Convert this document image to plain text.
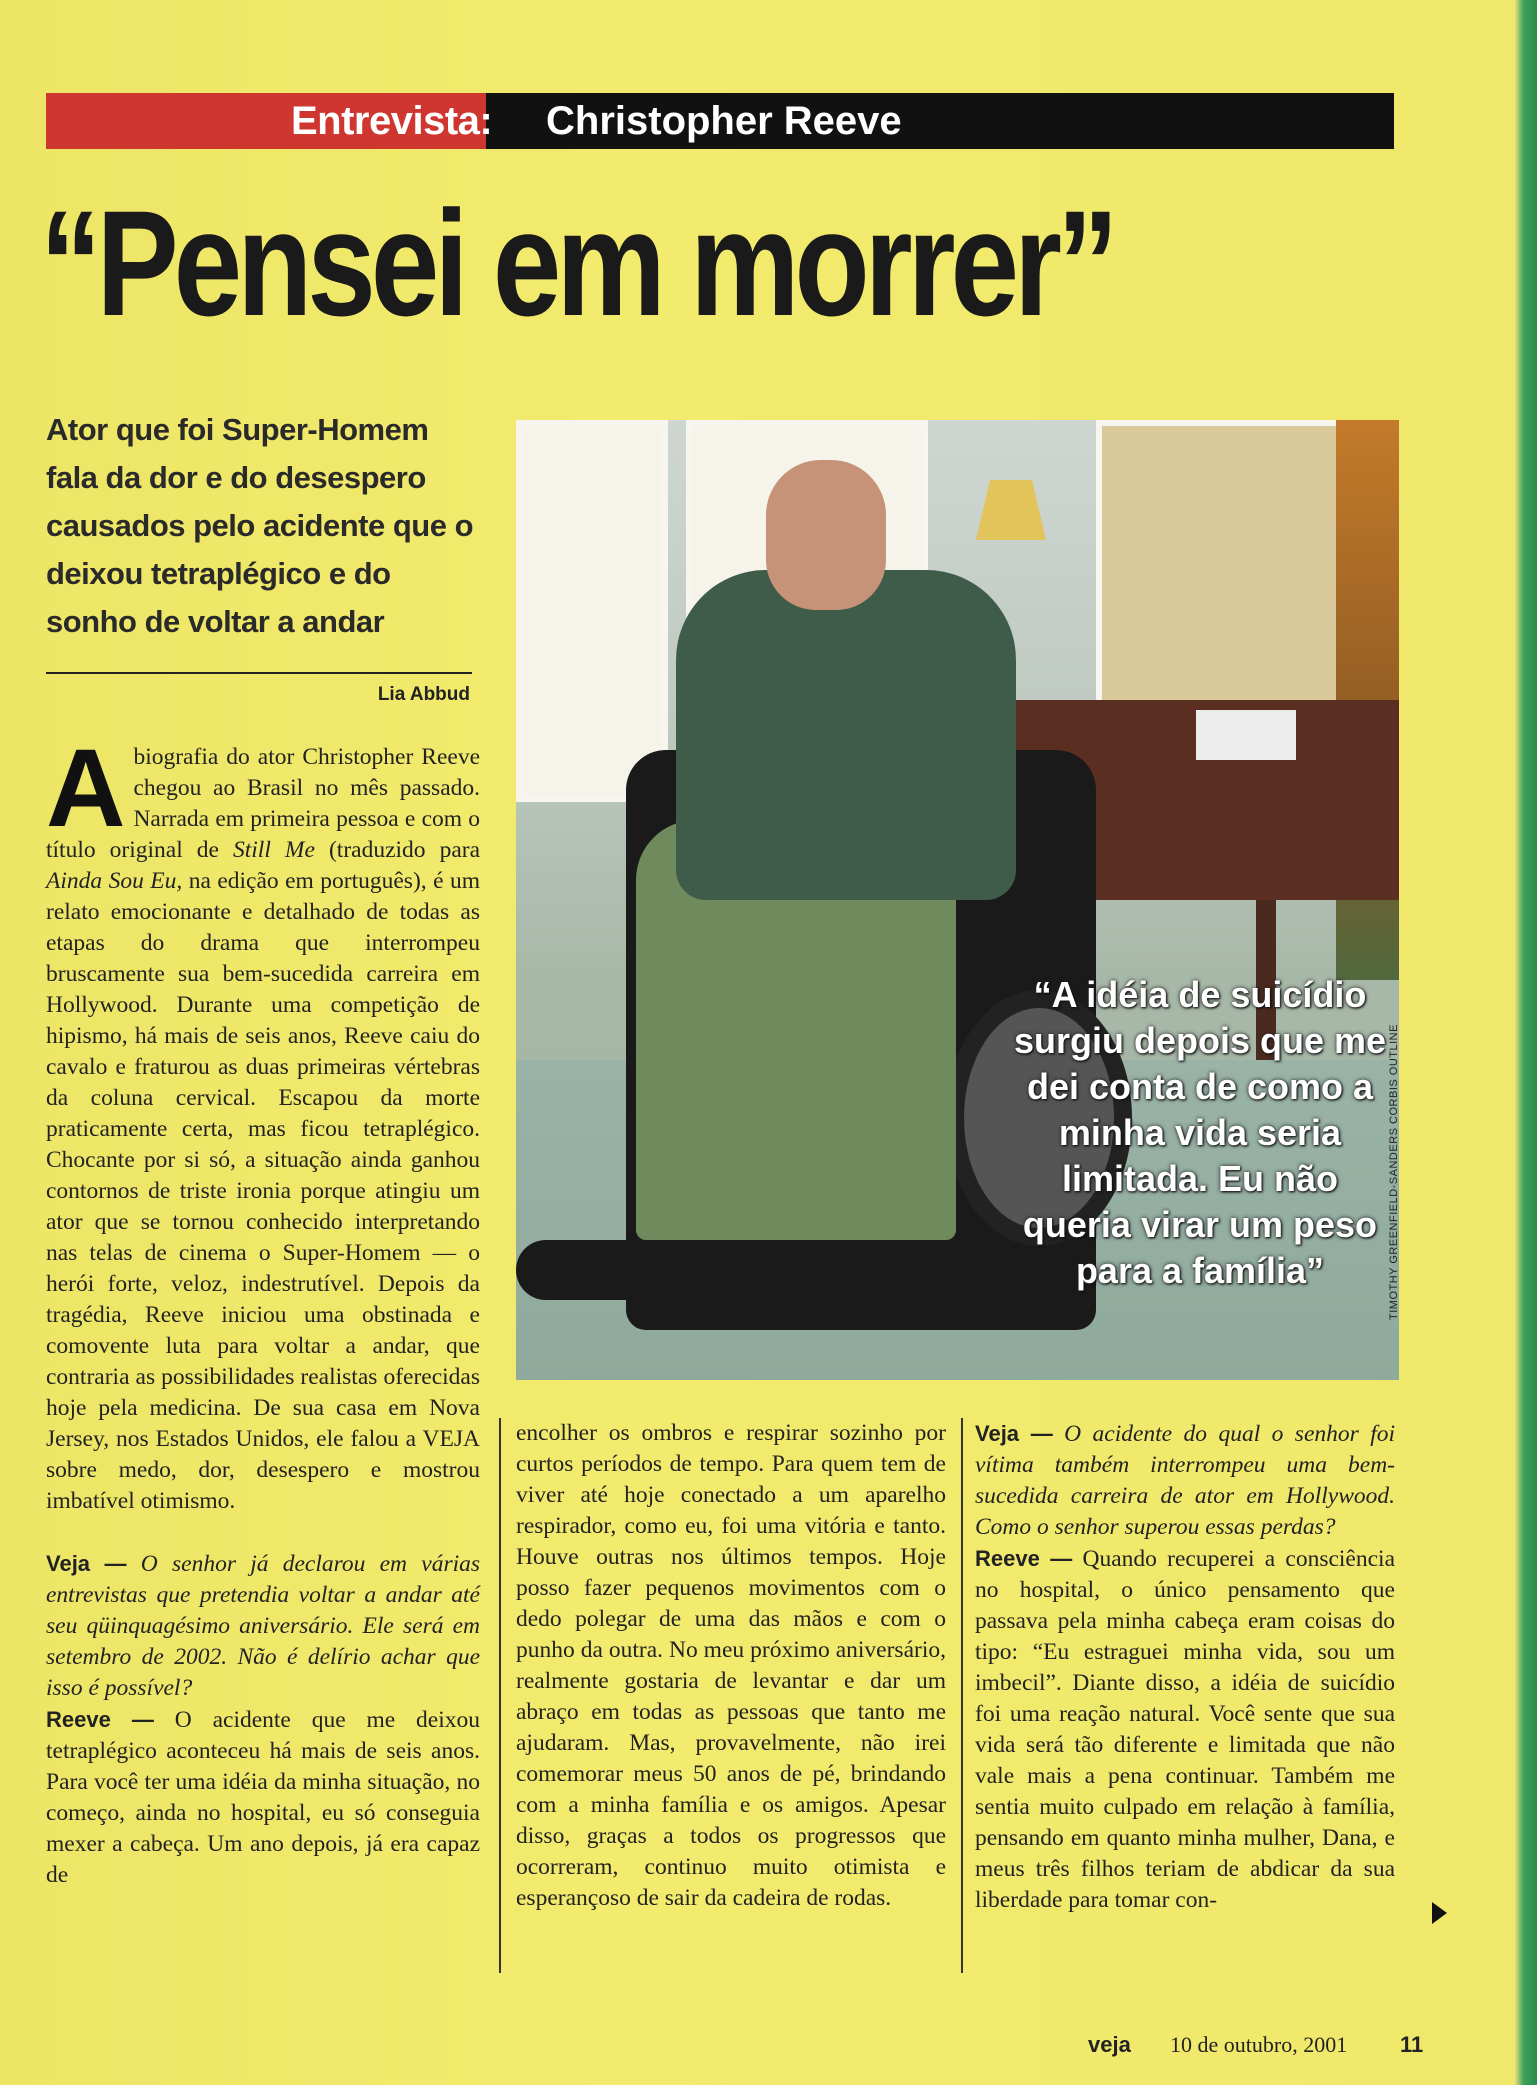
Entrevista: Christopher Reeve
“Pensei em morrer”
Ator que foi Super-Homem fala da dor e do desespero causados pelo acidente que o deixou tetraplégico e do sonho de voltar a andar
Lia Abbud
“A idéia de suicídio surgiu depois que me dei conta de como a minha vida seria limitada. Eu não queria virar um peso para a família”	TIMOTHY GREENFIELD-SANDERS CORBIS OUTLINE

Abiografia do ator Christopher Reeve chegou ao Brasil no mês passado. Narrada em primeira pessoa e com o título original de Still Me (traduzido para Ainda Sou Eu, na edição em português), é um relato emocionante e detalhado de todas as etapas do drama que interrompeu bruscamente sua bem-sucedida carreira em Hollywood. Durante uma competição de hipismo, há mais de seis anos, Reeve caiu do cavalo e fraturou as duas primeiras vértebras da coluna cervical. Escapou da morte praticamente certa, mas ficou tetraplégico. Chocante por si só, a situação ainda ganhou contornos de triste ironia porque atingiu um ator que se tornou conhecido interpretando nas telas de cinema o Super-Homem — o herói forte, veloz, indestrutível. Depois da tragédia, Reeve iniciou uma obstinada e comovente luta para voltar a andar, que contraria as possibilidades realistas oferecidas hoje pela medicina. De sua casa em Nova Jersey, nos Estados Unidos, ele falou a VEJA sobre medo, dor, desespero e mostrou imbatível otimismo.

Veja — O senhor já declarou em várias entrevistas que pretendia voltar a andar até seu qüinquagésimo aniversário. Ele será em setembro de 2002. Não é delírio achar que isso é possível?

Reeve — O acidente que me deixou tetraplégico aconteceu há mais de seis anos. Para você ter uma idéia da minha situação, no começo, ainda no hospital, eu só conseguia mexer a cabeça. Um ano depois, já era capaz de

encolher os ombros e respirar sozinho por curtos períodos de tempo. Para quem tem de viver até hoje conectado a um aparelho respirador, como eu, foi uma vitória e tanto. Houve outras nos últimos tempos. Hoje posso fazer pequenos movimentos com o dedo polegar de uma das mãos e com o punho da outra. No meu próximo aniversário, realmente gostaria de levantar e dar um abraço em todas as pessoas que tanto me ajudaram. Mas, provavelmente, não irei comemorar meus 50 anos de pé, brindando com a minha família e os amigos. Apesar disso, graças a todos os progressos que ocorreram, continuo muito otimista e esperançoso de sair da cadeira de rodas.

Veja — O acidente do qual o senhor foi vítima também interrompeu uma bem-sucedida carreira de ator em Hollywood. Como o senhor superou essas perdas?

Reeve — Quando recuperei a consciência no hospital, o único pensamento que passava pela minha cabeça eram coisas do tipo: “Eu estraguei minha vida, sou um imbecil”. Diante disso, a idéia de suicídio foi uma reação natural. Você sente que sua vida será tão diferente e limitada que não vale mais a pena continuar. Também me sentia muito culpado em relação à família, pensando em quanto minha mulher, Dana, e meus três filhos teriam de abdicar da sua liberdade para tomar con-

veja 10 de outubro, 2001 11
